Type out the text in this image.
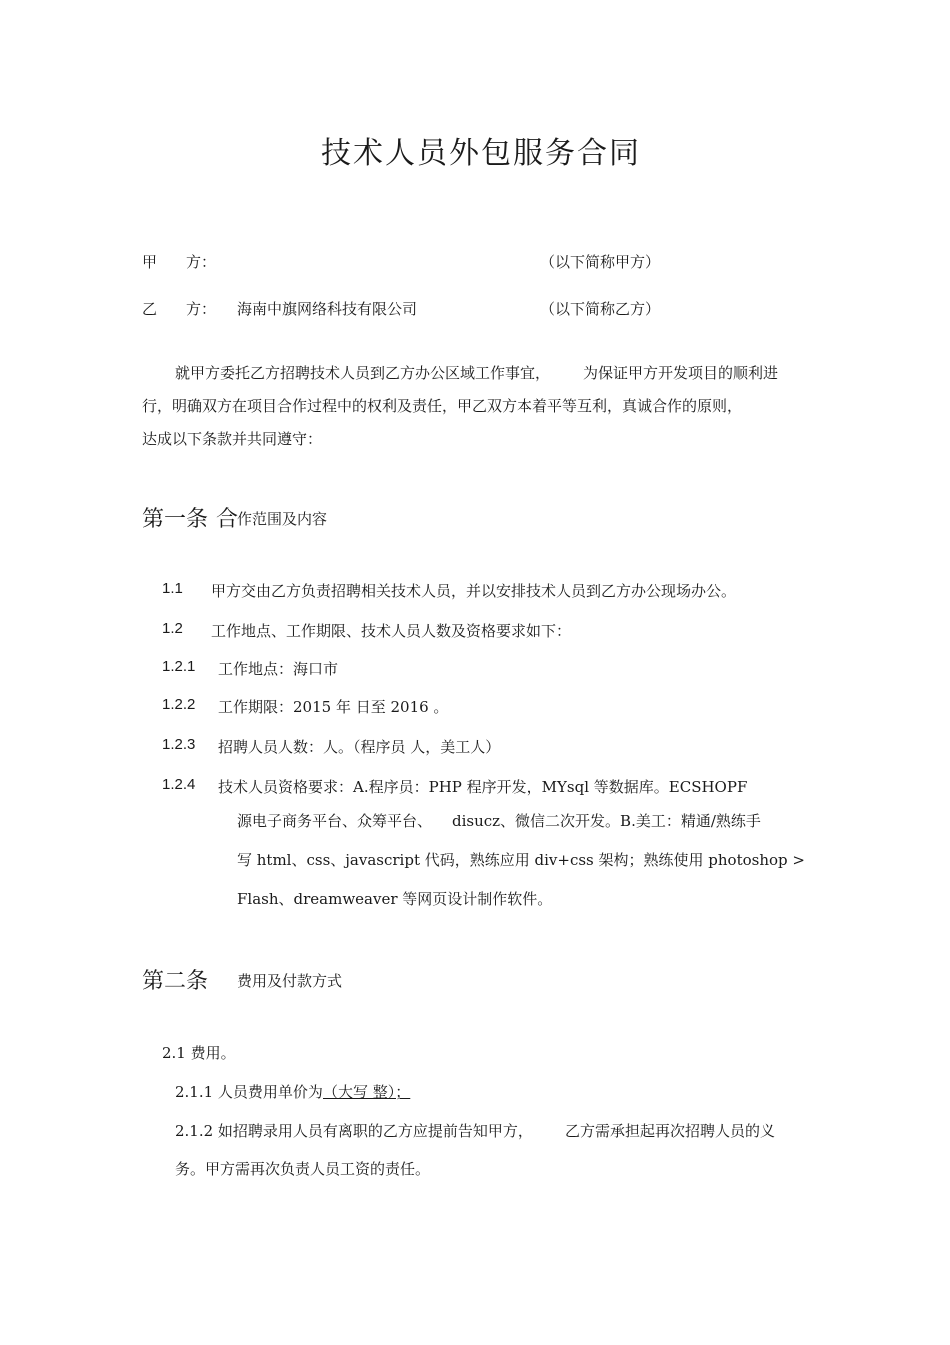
技术人员外包服务合同
甲 方：	（以下简称甲方）
乙 方： 海南中旗网络科技有限公司	（以下简称乙方）
就甲方委托乙方招聘技术人员到乙方办公区域工作事宜， 为保证甲方开发项目的顺利进
行，明确双方在项目合作过程中的权利及责任，甲乙双方本着平等互利，真诚合作的原则，
达成以下条款并共同遵守：
第一条 合
作范围及内容
1.1 甲方交由乙方负责招聘相关技术人员，并以安排技术人员到乙方办公现场办公。
1.2 工作地点、工作期限、技术人员人数及资格要求如下：
1.2.1 工作地点：海口市
1.2.2 工作期限：2015 年 日至 2016 。
1.2.3 招聘人员人数：人。（程序员 人，美工人）
1.2.4 技术人员资格要求：A.程序员：PHP 程序开发，MYsql 等数据库。ECSHOPF
源电子商务平台、众筹平台、 disucz、微信二次开发。B.美工：精通/熟练手
写 html、css、javascript 代码，熟练应用 div+css 架构；熟练使用 photoshop >
Flash、dreamweaver 等网页设计制作软件。
第二条 费用及付款方式
2.1 费用。
2.1.1 人员费用单价为 （大写 整）；
2.1.2 如招聘录用人员有离职的乙方应提前告知甲方， 乙方需承担起再次招聘人员的义
务。甲方需再次负责人员工资的责任。
